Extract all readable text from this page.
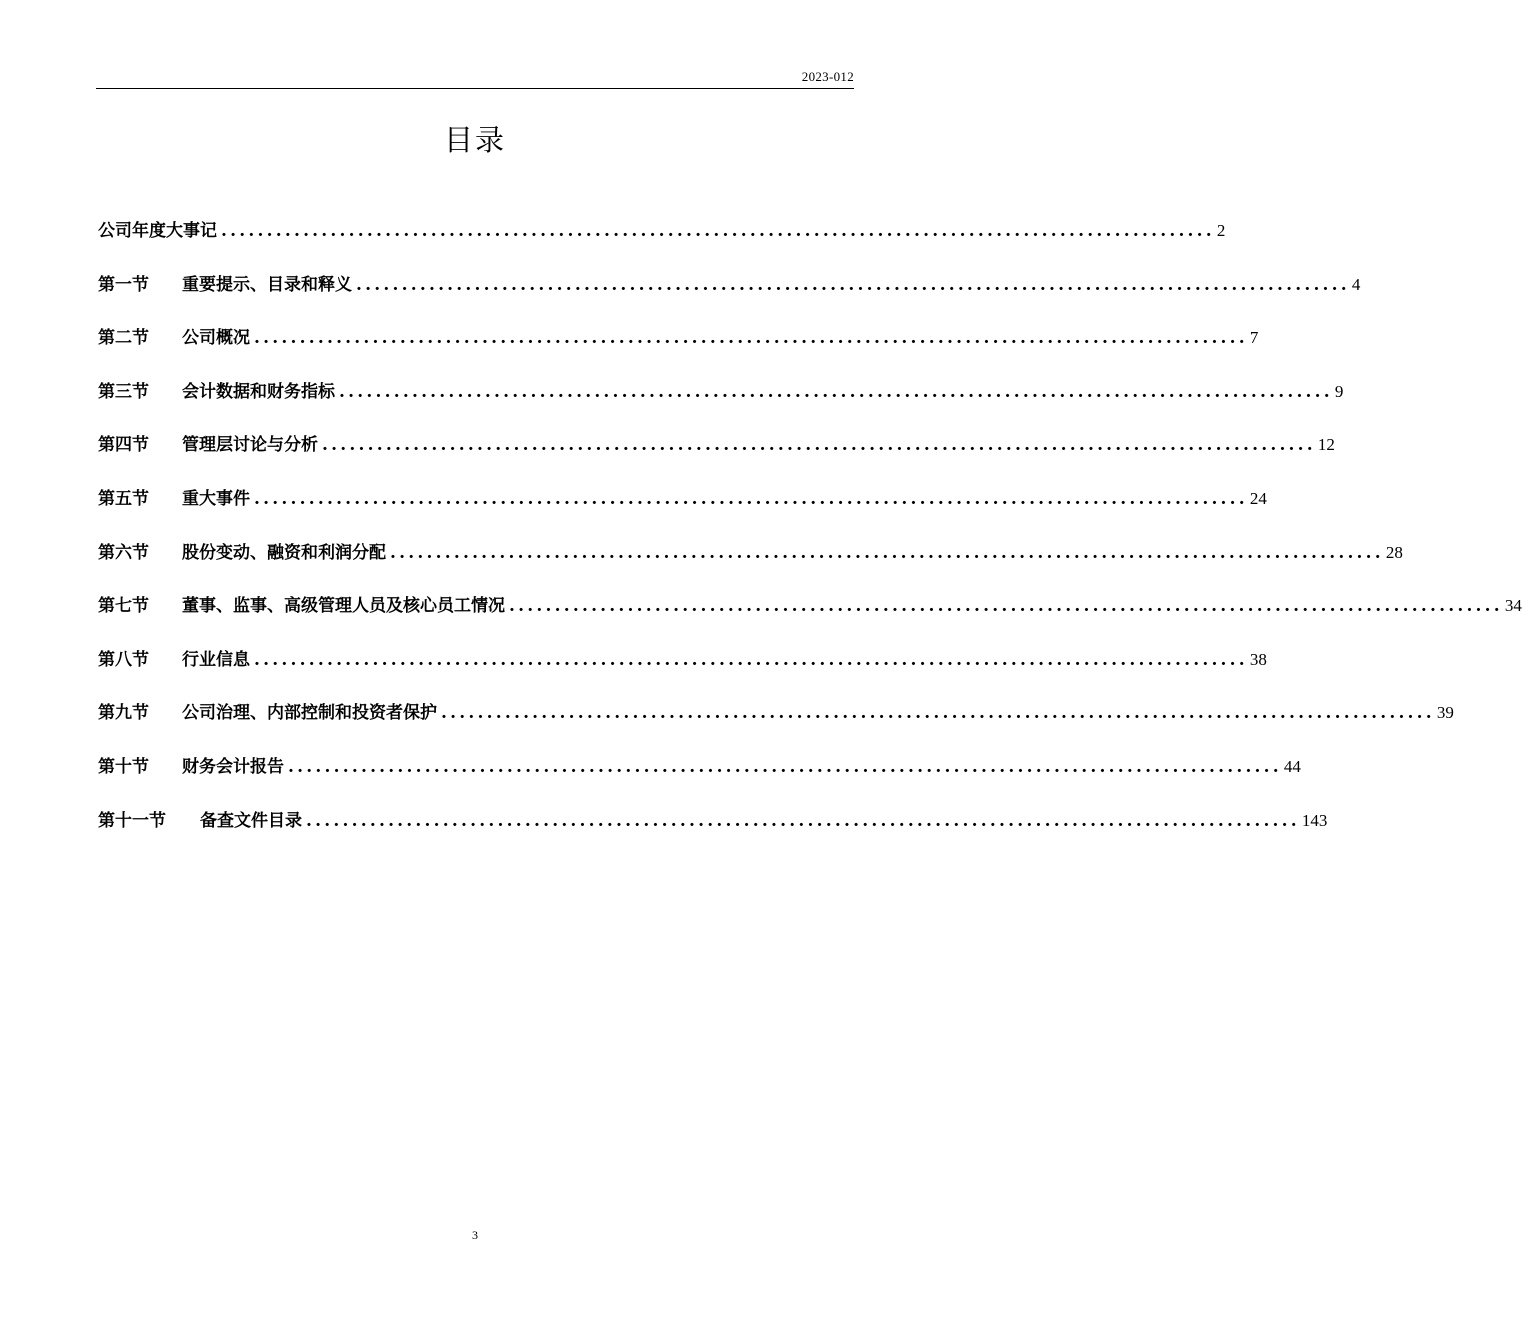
2023-012
目录
公司年度大事记 ............................................................................................................. 2
第一节	重要提示、目录和释义 ............................................................................................................. 4
第二节	公司概况 ............................................................................................................. 7
第三节	会计数据和财务指标 ............................................................................................................. 9
第四节	管理层讨论与分析 ............................................................................................................. 12
第五节	重大事件 ............................................................................................................. 24
第六节	股份变动、融资和利润分配 ............................................................................................................. 28
第七节	董事、监事、高级管理人员及核心员工情况 ............................................................................................................. 34
第八节	行业信息 ............................................................................................................. 38
第九节	公司治理、内部控制和投资者保护 ............................................................................................................. 39
第十节	财务会计报告 ............................................................................................................. 44
第十一节	备查文件目录 ............................................................................................................. 143
3
